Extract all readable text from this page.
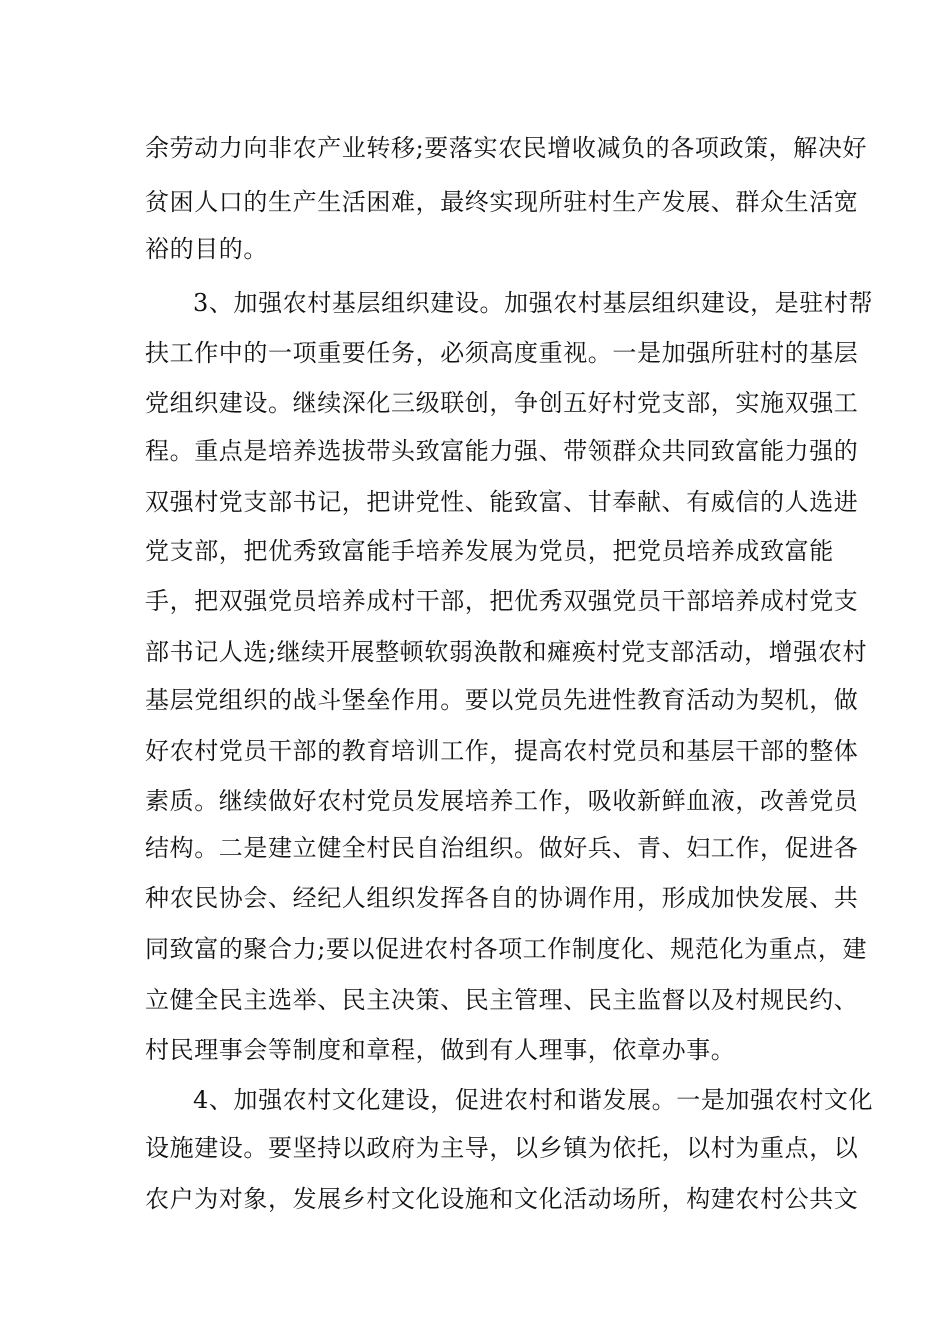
余劳动力向非农产业转移;要落实农民增收减负的各项政策，解决好
贫困人口的生产生活困难，最终实现所驻村生产发展、群众生活宽
裕的目的。
3、加强农村基层组织建设。加强农村基层组织建设，是驻村帮
扶工作中的一项重要任务，必须高度重视。一是加强所驻村的基层
党组织建设。继续深化三级联创，争创五好村党支部，实施双强工
程。重点是培养选拔带头致富能力强、带领群众共同致富能力强的
双强村党支部书记，把讲党性、能致富、甘奉献、有威信的人选进
党支部，把优秀致富能手培养发展为党员，把党员培养成致富能
手，把双强党员培养成村干部，把优秀双强党员干部培养成村党支
部书记人选;继续开展整顿软弱涣散和瘫痪村党支部活动，增强农村
基层党组织的战斗堡垒作用。要以党员先进性教育活动为契机，做
好农村党员干部的教育培训工作，提高农村党员和基层干部的整体
素质。继续做好农村党员发展培养工作，吸收新鲜血液，改善党员
结构。二是建立健全村民自治组织。做好兵、青、妇工作，促进各
种农民协会、经纪人组织发挥各自的协调作用，形成加快发展、共
同致富的聚合力;要以促进农村各项工作制度化、规范化为重点，建
立健全民主选举、民主决策、民主管理、民主监督以及村规民约、
村民理事会等制度和章程，做到有人理事，依章办事。
4、加强农村文化建设，促进农村和谐发展。一是加强农村文化
设施建设。要坚持以政府为主导，以乡镇为依托，以村为重点，以
农户为对象，发展乡村文化设施和文化活动场所，构建农村公共文
